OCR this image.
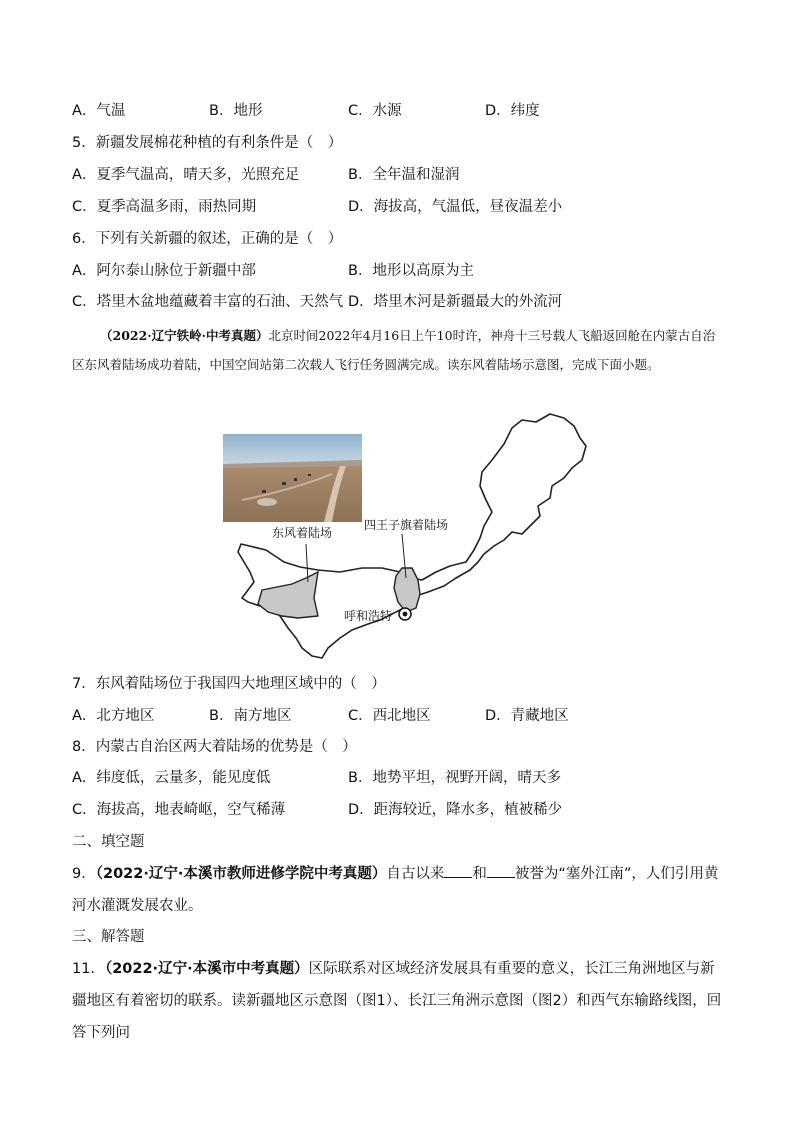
A．气温	B．地形	C．水源	D．纬度
5．新疆发展棉花种植的有利条件是（　）
A．夏季气温高，晴天多，光照充足	B．全年温和湿润
C．夏季高温多雨，雨热同期	D．海拔高，气温低，昼夜温差小
6．下列有关新疆的叙述，正确的是（　）
A．阿尔泰山脉位于新疆中部	B．地形以高原为主
C．塔里木盆地蕴藏着丰富的石油、天然气 D．塔里木河是新疆最大的外流河
（2022·辽宁铁岭·中考真题）北京时间2022年4月16日上午10时许，神舟十三号载人飞船返回舱在内蒙古自治区东风着陆场成功着陆，中国空间站第二次载人飞行任务圆满完成。读东风着陆场示意图，完成下面小题。
东风着陆场
四王子旗着陆场
呼和浩特
7．东风着陆场位于我国四大地理区域中的（　）
A．北方地区	B．南方地区	C．西北地区	D．青藏地区
8．内蒙古自治区两大着陆场的优势是（　）
A．纬度低，云量多，能见度低	B．地势平坦，视野开阔，晴天多
C．海拔高，地表崎岖，空气稀薄	D．距海较近，降水多，植被稀少
二、填空题
9．（2022·辽宁·本溪市教师进修学院中考真题）自古以来 和 被誉为“塞外江南”，人们引用黄河水灌溉发展农业。
三、解答题
11．（2022·辽宁·本溪市中考真题）区际联系对区域经济发展具有重要的意义，长江三角洲地区与新疆地区有着密切的联系。读新疆地区示意图（图1）、长江三角洲示意图（图2）和西气东输路线图，回答下列问
